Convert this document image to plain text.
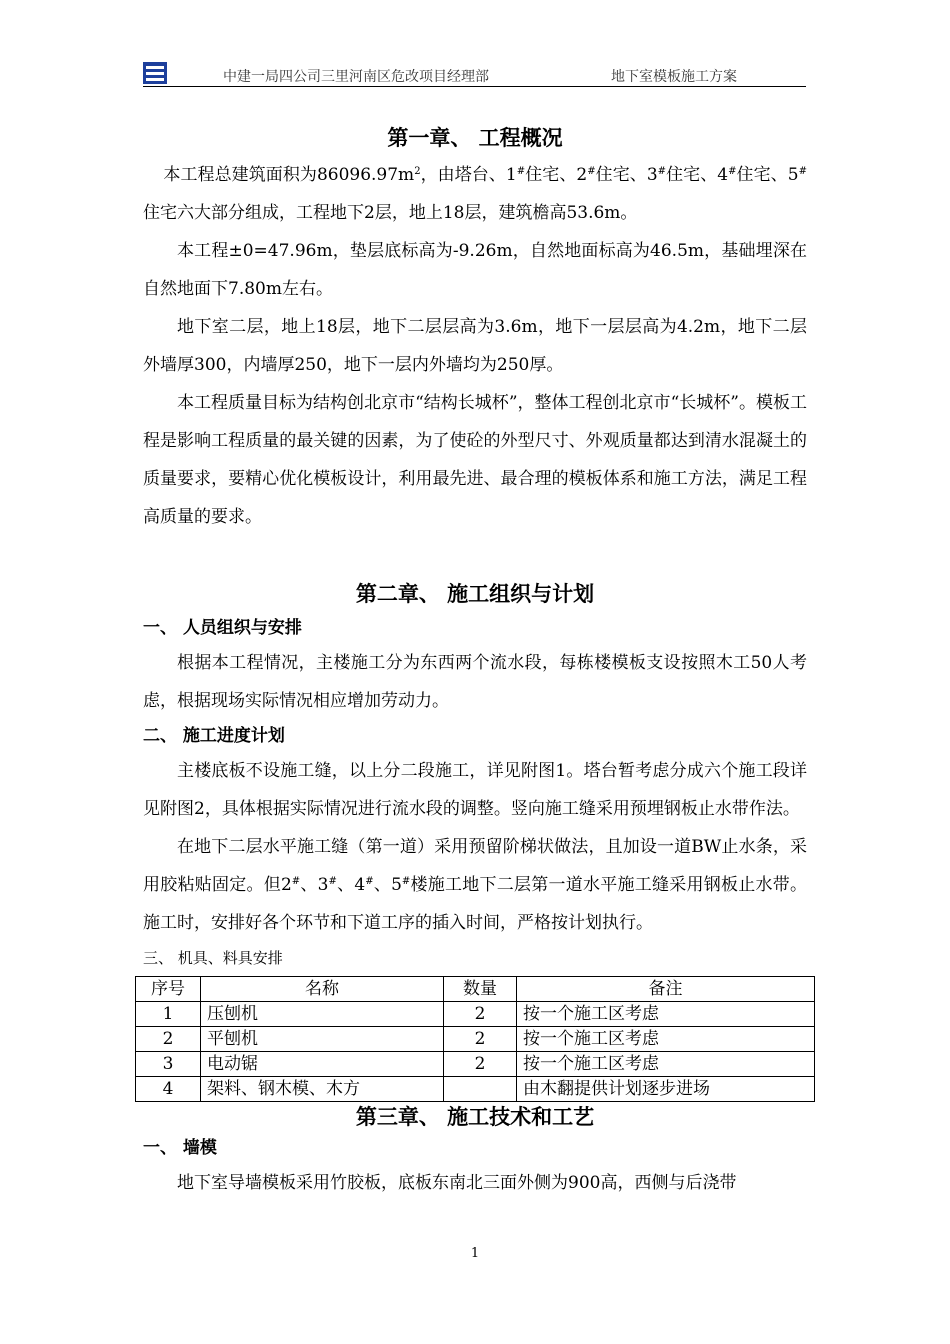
中建一局四公司三里河南区危改项目经理部	地下室模板施工方案
第一章、 工程概况

本工程总建筑面积为$86096.97m^2$，由塔台、1#住宅、2#住宅、3#住宅、4#住宅、5#住宅六大部分组成，工程地下2层，地上18层，建筑檐高53.6m。

本工程±0=47.96m，垫层底标高为-9.26m，自然地面标高为46.5m，基础埋深在自然地面下7.80m左右。

地下室二层，地上18层，地下二层层高为3.6m，地下一层层高为4.2m，地下二层外墙厚300，内墙厚250，地下一层内外墙均为250厚。

本工程质量目标为结构创北京市“结构长城杯”，整体工程创北京市“长城杯”。模板工程是影响工程质量的最关键的因素，为了使砼的外型尺寸、外观质量都达到清水混凝土的质量要求，要精心优化模板设计，利用最先进、最合理的模板体系和施工方法，满足工程高质量的要求。

第二章、 施工组织与计划
一、 人员组织与安排

根据本工程情况，主楼施工分为东西两个流水段，每栋楼模板支设按照木工50人考虑，根据现场实际情况相应增加劳动力。

二、 施工进度计划

主楼底板不设施工缝，以上分二段施工，详见附图1。塔台暂考虑分成六个施工段详见附图2，具体根据实际情况进行流水段的调整。竖向施工缝采用预埋钢板止水带作法。

在地下二层水平施工缝（第一道）采用预留阶梯状做法，且加设一道BW止水条，采用胶粘贴固定。但2#、3#、4#、5#楼施工地下二层第一道水平施工缝采用钢板止水带。施工时，安排好各个环节和下道工序的插入时间，严格按计划执行。

三、 机具、料具安排
序号	名称	数量	备注
1	压刨机	2	按一个施工区考虑
2	平刨机	2	按一个施工区考虑
3	电动锯	2	按一个施工区考虑
4	架料、钢木模、木方		由木翻提供计划逐步进场
第三章、 施工技术和工艺
一、 墙模

地下室导墙模板采用竹胶板，底板东南北三面外侧为900高，西侧与后浇带

1
